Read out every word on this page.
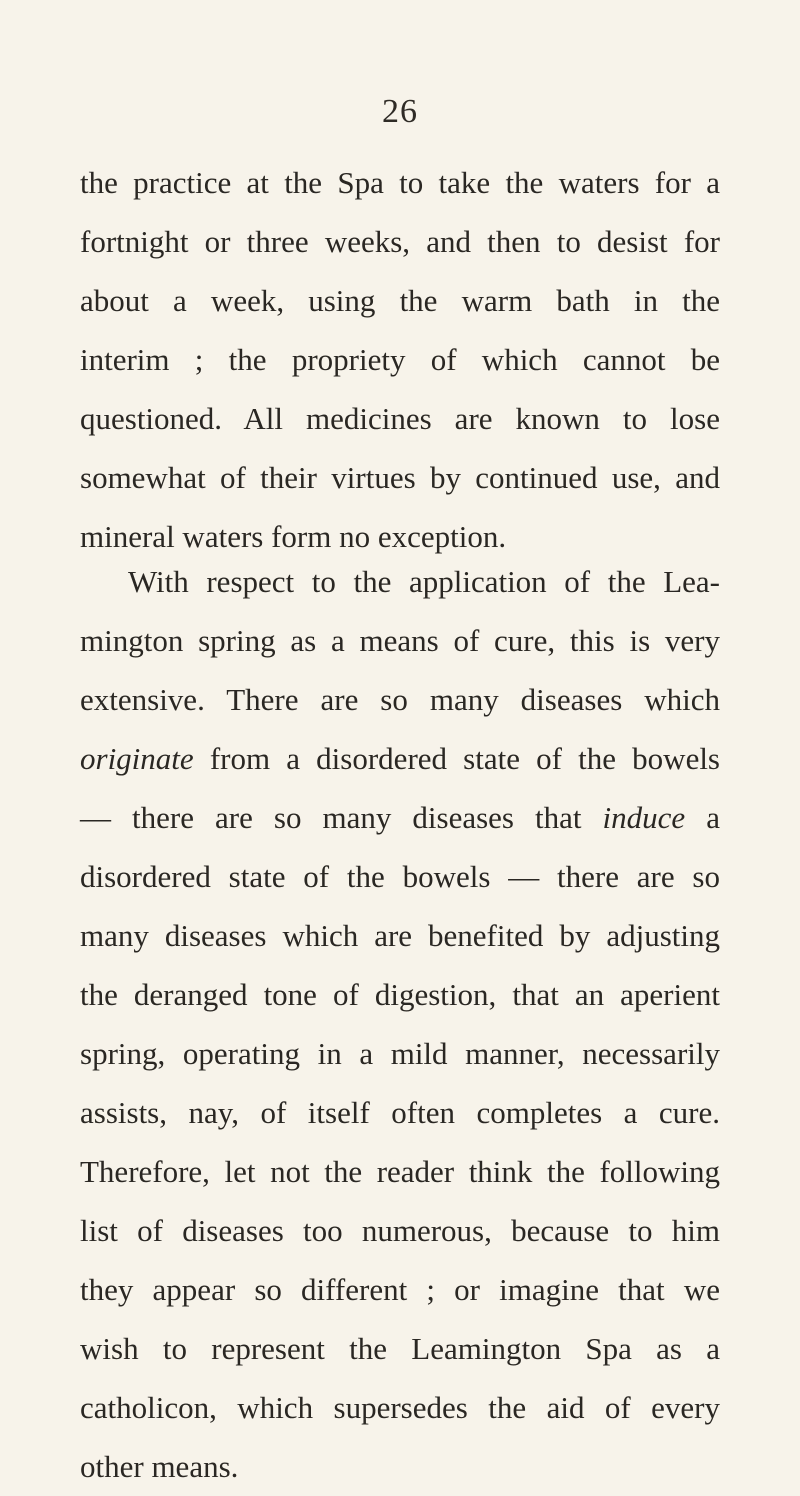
26
the practice at the Spa to take the waters for a
fortnight or three weeks, and then to desist for
about a week, using the warm bath in the
interim ; the propriety of which cannot be
questioned. All medicines are known to lose
somewhat of their virtues by continued use, and
mineral waters form no exception.
With respect to the application of the Lea-
mington spring as a means of cure, this is very
extensive. There are so many diseases which
originate from a disordered state of the bowels
— there are so many diseases that induce a
disordered state of the bowels — there are so
many diseases which are benefited by adjusting
the deranged tone of digestion, that an aperient
spring, operating in a mild manner, necessarily
assists, nay, of itself often completes a cure.
Therefore, let not the reader think the following
list of diseases too numerous, because to him
they appear so different ; or imagine that we
wish to represent the Leamington Spa as a
catholicon, which supersedes the aid of every
other means.
